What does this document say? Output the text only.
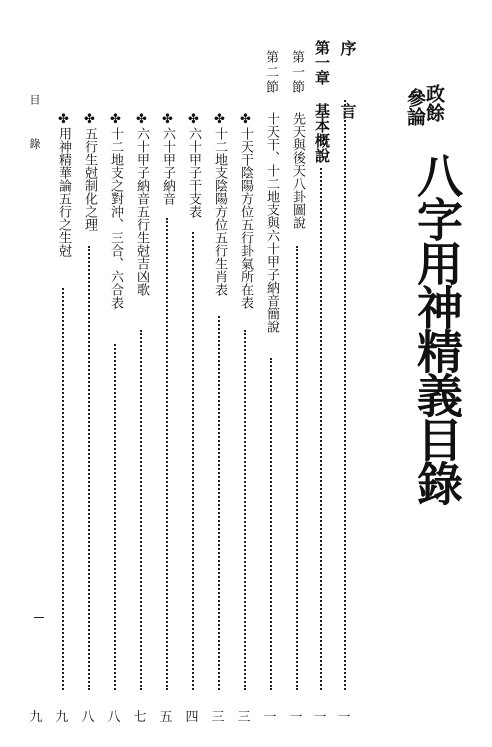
目 錄	政餘
參論
八字用神精義目錄
序 言
第一章 基本概說
第一節
先天與後天八卦圖說
第二節
十天干、十二地支與六十甲子納音簡說
✤十天干陰陽方位五行卦氣所在表
✤十二地支陰陽方位五行生肖表
✤六十甲子干支表
✤六十甲子納音
✤六十甲子納音五行生尅吉凶歌
✤十二地支之對沖、三合、六合表
✤五行生尅制化之理
✤用神精華論五行之生尅
一
一
一
一
三
三
四
五
七
八
八
九
九
